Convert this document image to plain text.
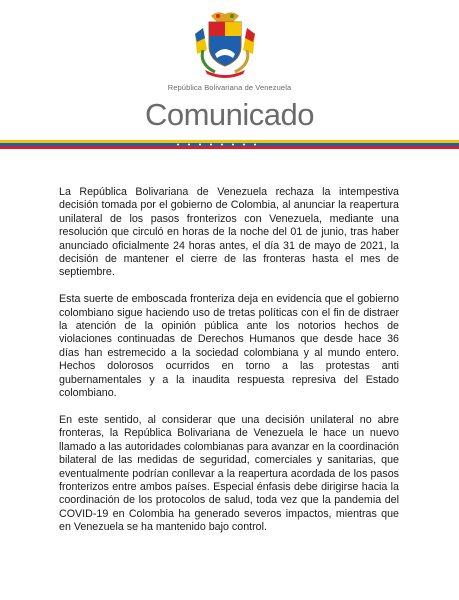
República Bolivariana de Venezuela
Comunicado

La República Bolivariana de Venezuela rechaza la intempestiva decisión tomada por el gobierno de Colombia, al anunciar la reapertura unilateral de los pasos fronterizos con Venezuela, mediante una resolución que circuló en horas de la noche del 01 de junio, tras haber anunciado oficialmente 24 horas antes, el día 31 de mayo de 2021, la decisión de mantener el cierre de las fronteras hasta el mes de septiembre.

Esta suerte de emboscada fronteriza deja en evidencia que el gobierno colombiano sigue haciendo uso de tretas políticas con el fin de distraer la atención de la opinión pública ante los notorios hechos de violaciones continuadas de Derechos Humanos que desde hace 36 días han estremecido a la sociedad colombiana y al mundo entero. Hechos dolorosos ocurridos en torno a las protestas anti gubernamentales y a la inaudita respuesta represiva del Estado colombiano.

En este sentido, al considerar que una decisión unilateral no abre fronteras, la República Bolivariana de Venezuela le hace un nuevo llamado a las autoridades colombianas para avanzar en la coordinación bilateral de las medidas de seguridad, comerciales y sanitarias, que eventualmente podrían conllevar a la reapertura acordada de los pasos fronterizos entre ambos países. Especial énfasis debe dirigirse hacia la coordinación de los protocolos de salud, toda vez que la pandemia del COVID-19 en Colombia ha generado severos impactos, mientras que en Venezuela se ha mantenido bajo control.
